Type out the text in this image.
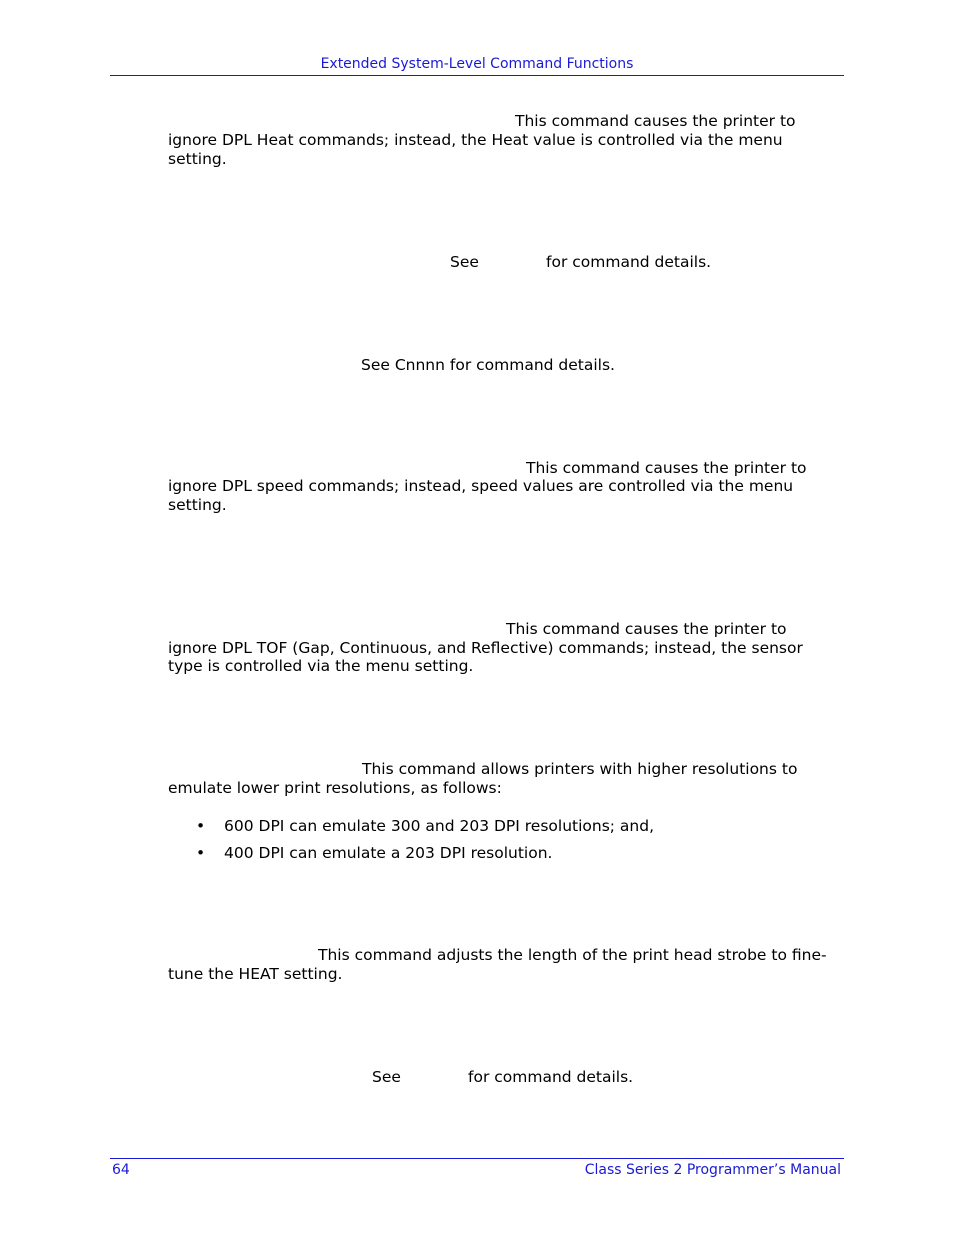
Extended System-Level Command Functions
This command causes the printer to
ignore DPL Heat commands; instead, the Heat value is controlled via the menu
setting.
See	for command details.
See Cnnnn for command details.
This command causes the printer to
ignore DPL speed commands; instead, speed values are controlled via the menu
setting.
This command causes the printer to
ignore DPL TOF (Gap, Continuous, and Reflective) commands; instead, the sensor
type is controlled via the menu setting.
This command allows printers with higher resolutions to
emulate lower print resolutions, as follows:
• 600 DPI can emulate 300 and 203 DPI resolutions; and,
• 400 DPI can emulate a 203 DPI resolution.
This command adjusts the length of the print head strobe to fine-
tune the HEAT setting.
See	for command details.
64	Class Series 2 Programmer’s Manual
